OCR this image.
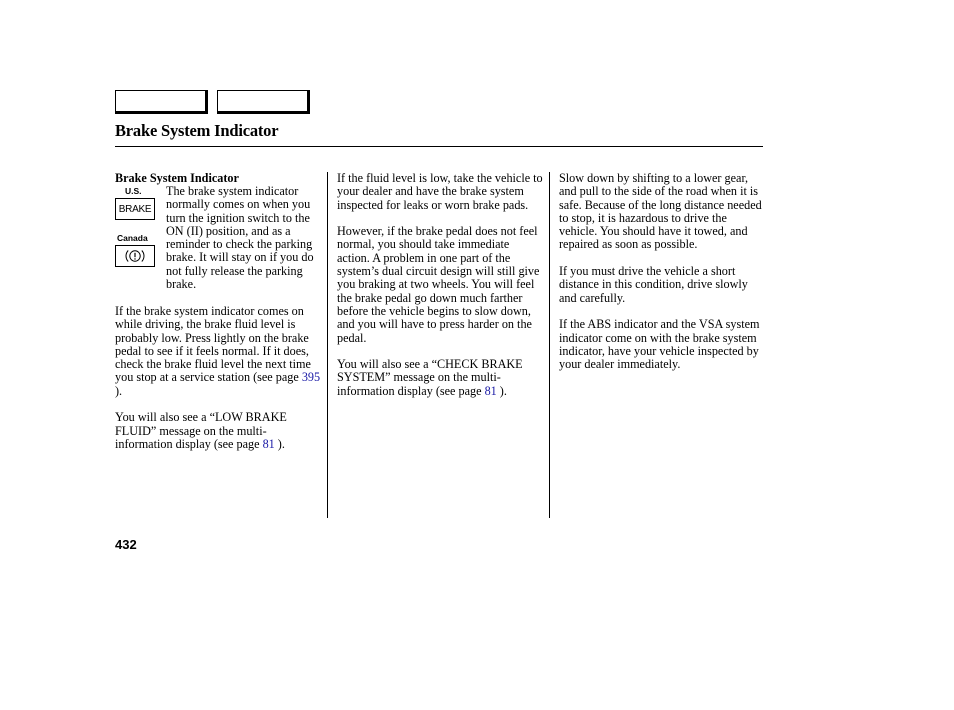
Brake System Indicator
Brake System Indicator
U.S.
BRAKE
Canada
The brake system indicator normally comes on when you turn the ignition switch to the ON (II) position, and as a reminder to check the parking brake. It will stay on if you do not fully release the parking brake.

If the brake system indicator comes on while driving, the brake fluid level is probably low. Press lightly on the brake pedal to see if it feels normal. If it does, check the brake fluid level the next time you stop at a service station (see page 395 ).

You will also see a “LOW BRAKE FLUID” message on the multi-information display (see page 81 ).

If the fluid level is low, take the vehicle to your dealer and have the brake system inspected for leaks or worn brake pads.

However, if the brake pedal does not feel normal, you should take immediate action. A problem in one part of the system’s dual circuit design will still give you braking at two wheels. You will feel the brake pedal go down much farther before the vehicle begins to slow down, and you will have to press harder on the pedal.

You will also see a “CHECK BRAKE SYSTEM” message on the multi-information display (see page 81 ).

Slow down by shifting to a lower gear, and pull to the side of the road when it is safe. Because of the long distance needed to stop, it is hazardous to drive the vehicle. You should have it towed, and repaired as soon as possible.

If you must drive the vehicle a short distance in this condition, drive slowly and carefully.

If the ABS indicator and the VSA system indicator come on with the brake system indicator, have your vehicle inspected by your dealer immediately.

432
